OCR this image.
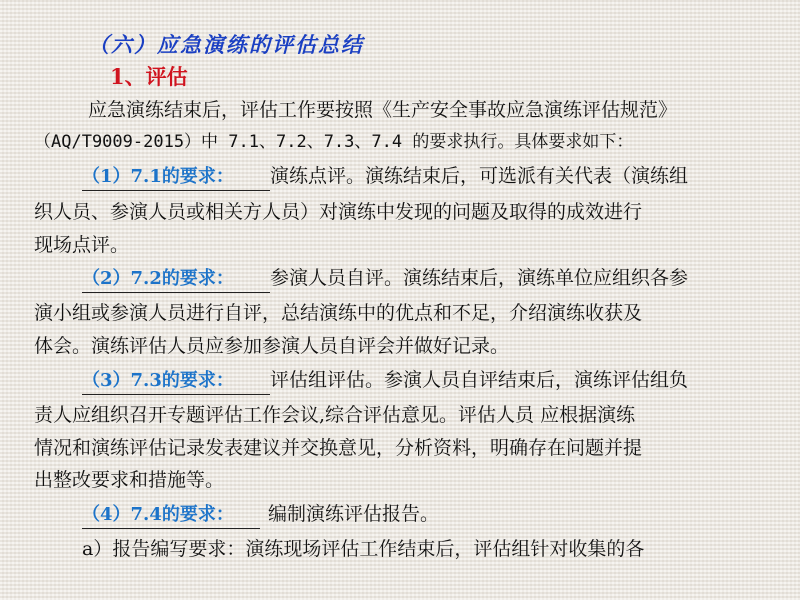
（六）应急演练的评估总结
1、评估
应急演练结束后，评估工作要按照《生产安全事故应急演练评估规范》
（AQ/T9009-2015）中 7.1、7.2、7.3、7.4 的要求执行。具体要求如下：
（1）7.1的要求： 演练点评。演练结束后，可选派有关代表（演练组
织人员、参演人员或相关方人员）对演练中发现的问题及取得的成效进行
现场点评。
（2）7.2的要求： 参演人员自评。演练结束后，演练单位应组织各参
演小组或参演人员进行自评，总结演练中的优点和不足，介绍演练收获及
体会。演练评估人员应参加参演人员自评会并做好记录。
（3）7.3的要求： 评估组评估。参演人员自评结束后，演练评估组负
责人应组织召开专题评估工作会议,综合评估意见。评估人员 应根据演练
情况和演练评估记录发表建议并交换意见，分析资料，明确存在问题并提
出整改要求和措施等。
（4）7.4的要求： 编制演练评估报告。
a）报告编写要求：演练现场评估工作结束后，评估组针对收集的各
